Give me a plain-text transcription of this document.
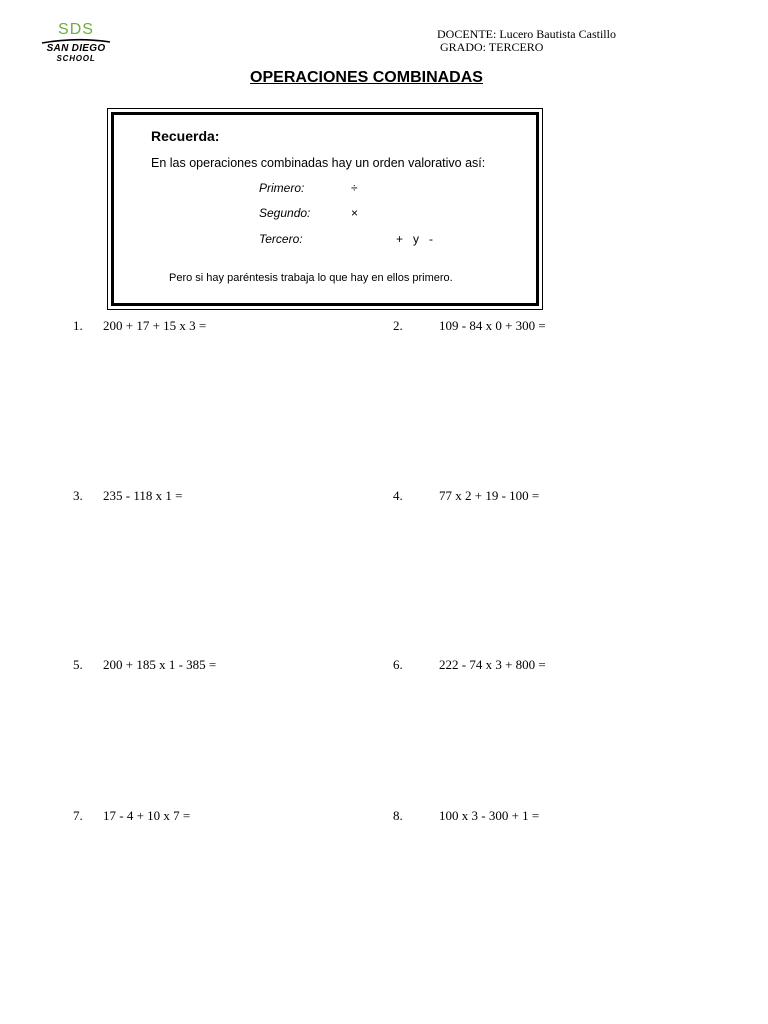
SDS
SAN DIEGO
SCHOOL
DOCENTE: Lucero Bautista Castillo
GRADO: TERCERO
OPERACIONES COMBINADAS
Recuerda:
En las operaciones combinadas hay un orden valorativo así:
Primero:	÷
Segundo:	×
Tercero:	+   y   -
Pero si hay paréntesis trabaja lo que hay en ellos primero.
1. 200 + 17 + 15 x 3 =	2.	109 - 84 x 0 + 300 =
3. 235 - 118 x 1 =	4.	77 x 2 + 19 - 100 =
5. 200 + 185 x 1 - 385 =	6.	222 - 74 x 3 + 800 =
7. 17 - 4 + 10 x 7 =	8.	100 x 3 - 300 + 1 =
